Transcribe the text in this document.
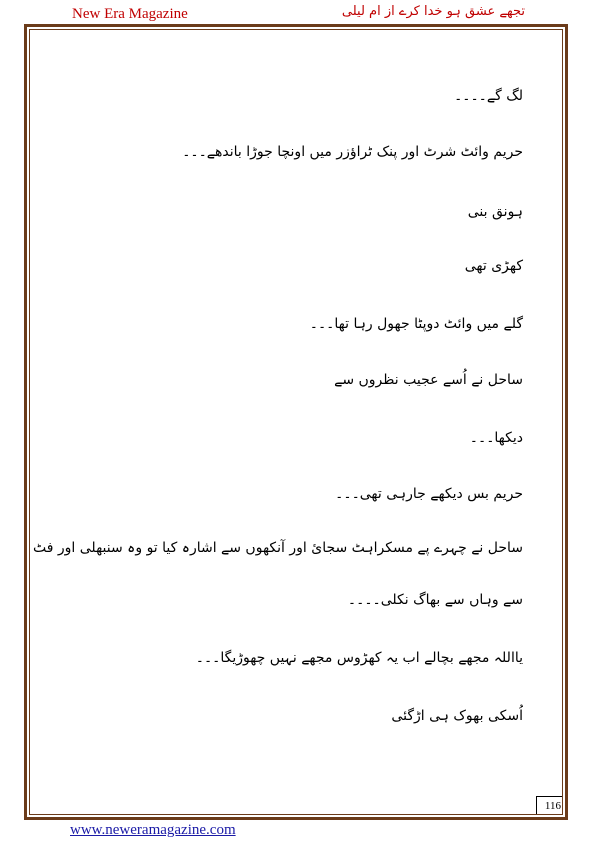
New Era Magazine	تجھے عشق ہو خدا کرے از ام لیلی
لگ گے۔۔۔۔
حریم وائٹ شرٹ اور پنک ٹراؤزر میں اونچا جوڑا باندھے۔۔۔
ہونق بنی
کھڑی تھی
گلے میں وائٹ دوپٹا جھول رہا تھا۔۔۔
ساحل نے اُسے عجیب نظروں سے
دیکھا۔۔۔
حریم بس دیکھے جارہی تھی۔۔۔
ساحل نے چہرے پے مسکراہٹ سجائ اور آنکھوں سے اشارہ کیا تو وہ سنبھلی اور فٹ
سے وہاں سے بھاگ نکلی۔۔۔۔
یااللہ مجھے بچالے اب یہ کھڑوس مجھے نہیں چھوڑیگا۔۔۔
اُسکی بھوک ہی اڑگئی
116
www.neweramagazine.com
